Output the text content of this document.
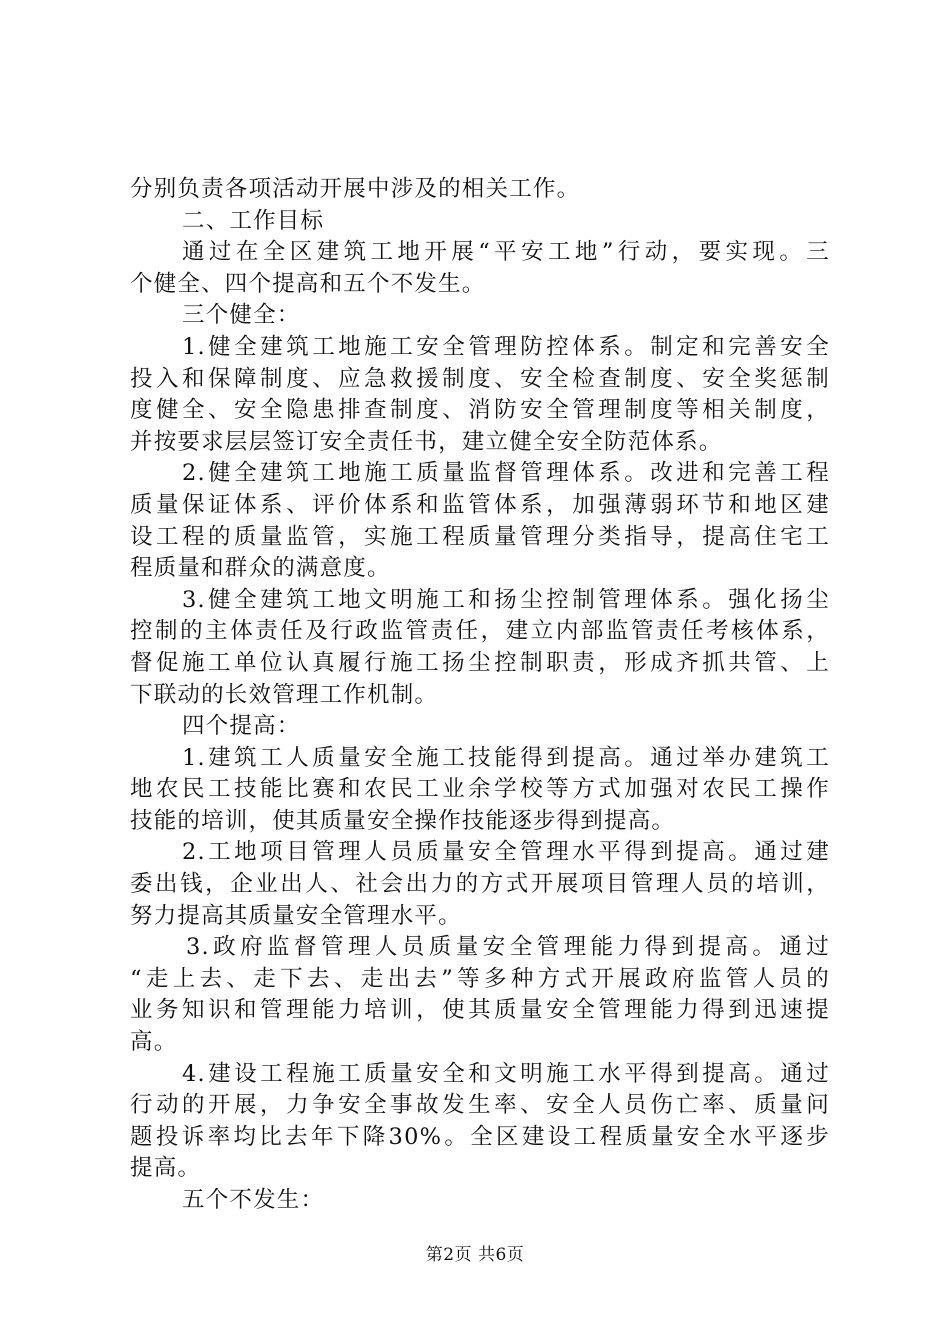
分别负责各项活动开展中涉及的相关工作。
二、工作目标
通过在全区建筑工地开展“平安工地”行动，要实现。三
个健全、四个提高和五个不发生。
三个健全：
1.健全建筑工地施工安全管理防控体系。制定和完善安全
投入和保障制度、应急救援制度、安全检查制度、安全奖惩制
度健全、安全隐患排查制度、消防安全管理制度等相关制度，
并按要求层层签订安全责任书，建立健全安全防范体系。
2.健全建筑工地施工质量监督管理体系。改进和完善工程
质量保证体系、评价体系和监管体系，加强薄弱环节和地区建
设工程的质量监管，实施工程质量管理分类指导，提高住宅工
程质量和群众的满意度。
3.健全建筑工地文明施工和扬尘控制管理体系。强化扬尘
控制的主体责任及行政监管责任，建立内部监管责任考核体系，
督促施工单位认真履行施工扬尘控制职责，形成齐抓共管、上
下联动的长效管理工作机制。
四个提高：
1.建筑工人质量安全施工技能得到提高。通过举办建筑工
地农民工技能比赛和农民工业余学校等方式加强对农民工操作
技能的培训，使其质量安全操作技能逐步得到提高。
2.工地项目管理人员质量安全管理水平得到提高。通过建
委出钱，企业出人、社会出力的方式开展项目管理人员的培训，
努力提高其质量安全管理水平。
3.政府监督管理人员质量安全管理能力得到提高。通过
“走上去、走下去、走出去”等多种方式开展政府监管人员的
业务知识和管理能力培训，使其质量安全管理能力得到迅速提
高。
4.建设工程施工质量安全和文明施工水平得到提高。通过
行动的开展，力争安全事故发生率、安全人员伤亡率、质量问
题投诉率均比去年下降30%。全区建设工程质量安全水平逐步
提高。
五个不发生：
第2页 共6页
